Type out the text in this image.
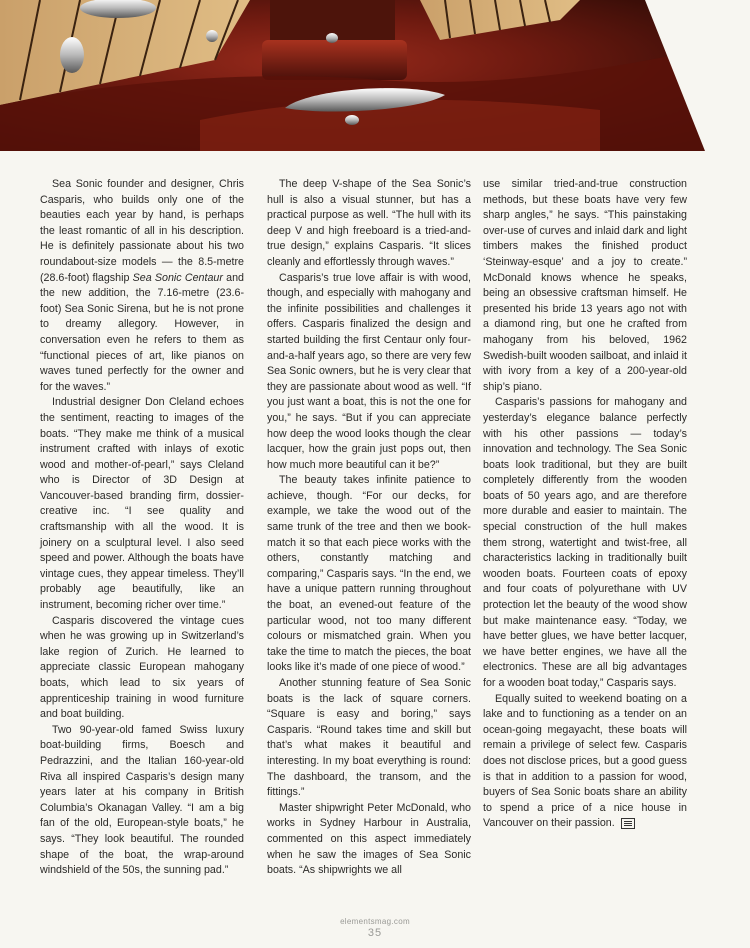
Sea Sonic founder and designer, Chris Casparis, who builds only one of the beauties each year by hand, is perhaps the least romantic of all in his description. He is definitely passionate about his two roundabout-size models — the 8.5-metre (28.6-foot) flagship Sea Sonic Centaur and the new addition, the 7.16-metre (23.6-foot) Sea Sonic Sirena, but he is not prone to dreamy allegory. However, in conversation even he refers to them as “functional pieces of art, like pianos on waves tuned perfectly for the owner and for the waves.”

Industrial designer Don Cleland echoes the sentiment, reacting to images of the boats. “They make me think of a musical instrument crafted with inlays of exotic wood and mother-of-pearl,” says Cleland who is Director of 3D Design at Vancouver-based branding firm, dossier-creative inc. “I see quality and craftsmanship with all the wood. It is joinery on a sculptural level. I also seed speed and power. Although the boats have vintage cues, they appear timeless. They’ll probably age beautifully, like an instrument, becoming richer over time.”

Casparis discovered the vintage cues when he was growing up in Switzerland’s lake region of Zurich. He learned to appreciate classic European mahogany boats, which lead to six years of apprenticeship training in wood furniture and boat building.

Two 90-year-old famed Swiss luxury boat-building firms, Boesch and Pedrazzini, and the Italian 160-year-old Riva all inspired Casparis’s design many years later at his company in British Columbia’s Okanagan Valley. “I am a big fan of the old, European-style boats,” he says. “They look beautiful. The rounded shape of the boat, the wrap-around windshield of the 50s, the sunning pad.”

The deep V-shape of the Sea Sonic’s hull is also a visual stunner, but has a practical purpose as well. “The hull with its deep V and high freeboard is a tried-and-true design,” explains Casparis. “It slices cleanly and effortlessly through waves.”

Casparis’s true love affair is with wood, though, and especially with mahogany and the infinite possibilities and challenges it offers. Casparis finalized the design and started building the first Centaur only four-and-a-half years ago, so there are very few Sea Sonic owners, but he is very clear that they are passionate about wood as well. “If you just want a boat, this is not the one for you,” he says. “But if you can appreciate how deep the wood looks though the clear lacquer, how the grain just pops out, then how much more beautiful can it be?”

The beauty takes infinite patience to achieve, though. “For our decks, for example, we take the wood out of the same trunk of the tree and then we book-match it so that each piece works with the others, constantly matching and comparing,” Casparis says. “In the end, we have a unique pattern running throughout the boat, an evened-out feature of the particular wood, not too many different colours or mismatched grain. When you take the time to match the pieces, the boat looks like it’s made of one piece of wood.”

Another stunning feature of Sea Sonic boats is the lack of square corners. “Square is easy and boring,” says Casparis. “Round takes time and skill but that’s what makes it beautiful and interesting. In my boat everything is round: The dashboard, the transom, and the fittings.”

Master shipwright Peter McDonald, who works in Sydney Harbour in Australia, commented on this aspect immediately when he saw the images of Sea Sonic boats. “As shipwrights we all

use similar tried-and-true construction methods, but these boats have very few sharp angles,” he says. “This painstaking over-use of curves and inlaid dark and light timbers makes the finished product ‘Steinway-esque’ and a joy to create.” McDonald knows whence he speaks, being an obsessive craftsman himself. He presented his bride 13 years ago not with a diamond ring, but one he crafted from mahogany from his beloved, 1962 Swedish-built wooden sailboat, and inlaid it with ivory from a key of a 200-year-old ship’s piano.

Casparis’s passions for mahogany and yesterday’s elegance balance perfectly with his other passions — today’s innovation and technology. The Sea Sonic boats look traditional, but they are built completely differently from the wooden boats of 50 years ago, and are therefore more durable and easier to maintain. The special construction of the hull makes them strong, watertight and twist-free, all characteristics lacking in traditionally built wooden boats. Fourteen coats of epoxy and four coats of polyurethane with UV protection let the beauty of the wood show but make maintenance easy. “Today, we have better glues, we have better lacquer, we have better engines, we have all the electronics. These are all big advantages for a wooden boat today,” Casparis says.

Equally suited to weekend boating on a lake and to functioning as a tender on an ocean-going megayacht, these boats will remain a privilege of select few. Casparis does not disclose prices, but a good guess is that in addition to a passion for wood, buyers of Sea Sonic boats share an ability to spend a price of a nice house in Vancouver on their passion.

elementsmag.com
35
